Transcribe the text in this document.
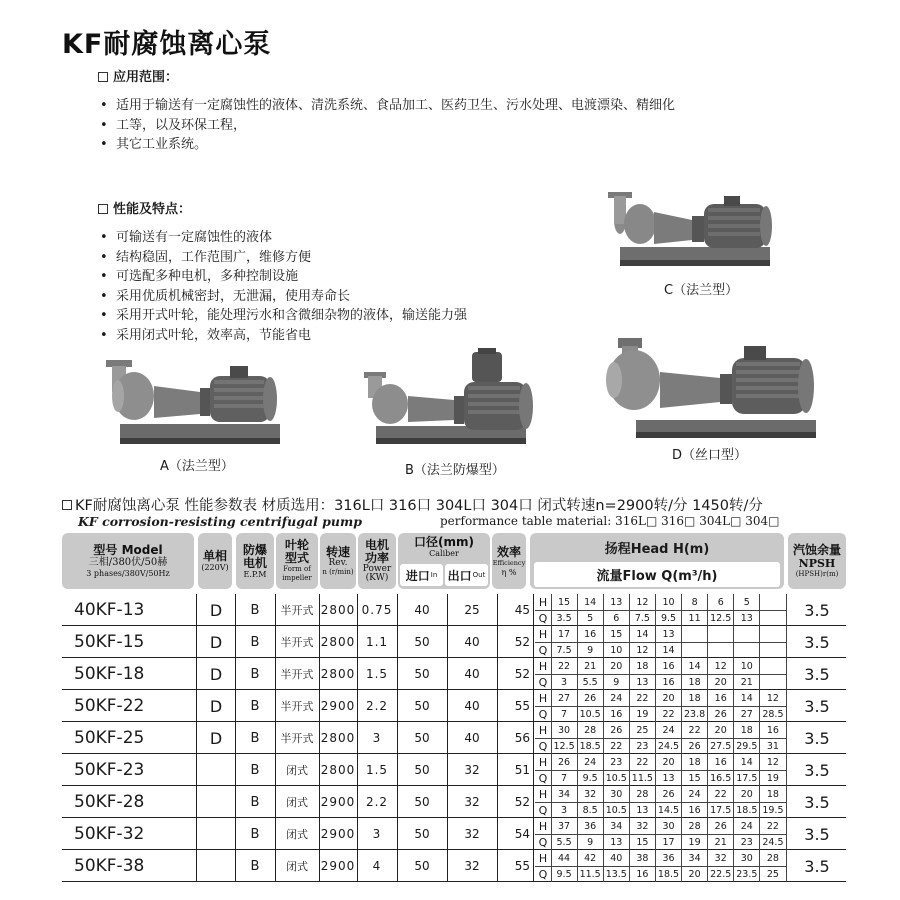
KF耐腐蚀离心泵
应用范围：
• 适用于输送有一定腐蚀性的液体、清洗系统、食品加工、医药卫生、污水处理、电渡漂染、精细化
• 工等，以及环保工程，
• 其它工业系统。
性能及特点：
• 可输送有一定腐蚀性的液体
• 结构稳固，工作范围广，维修方便
• 可选配多种电机，多种控制设施
• 采用优质机械密封，无泄漏，使用寿命长
• 采用开式叶轮，能处理污水和含微细杂物的液体，输送能力强
• 采用闭式叶轮，效率高，节能省电
C（法兰型）
A（法兰型）	B（法兰防爆型）
D（丝口型）
KF耐腐蚀离心泵 性能参数表 材质选用：316L口 316口 304L口 304口 闭式转速n=2900转/分 1450转/分
KF corrosion-resisting centrifugal pump	performance table material: 316L□ 316□ 304L□ 304□
型号 Model
三相/380伏/50赫
3 phases/380V/50Hz
单相
(220V)
防爆电机
E.P.M
叶轮型式
Form of impeller
转速
Rev.
n (r/min)
电机功率
Power
(KW)
口径(mm)
Caliber
进口 In 出口 Out
效率
Efficiency
η %
扬程Head H(m)
流量Flow Q(m³/h)
汽蚀余量
NPSH
(HPSH)r(m)
40KF-13	D	B	半开式 2800 0.75	40	25	45	3.5
H	15	14	13	12	10	8	6	5
Q 3.5	5	6	7.5	9.5	11 12.5 13
50KF-15	D	B	半开式 2800 1.1	50	40	52	3.5
H	17	16	15	14	13
Q 7.5	9	10	12	14
50KF-18	D	B	半开式 2800 1.5	50	40	52	3.5
H	22	21	20	18	16	14	12	10
Q	3	5.5	9	13	16	18	20	21
50KF-22	D	B	半开式 2900 2.2	50	40	55	3.5
H	27	26	24	22	20	18	16	14	12
Q	7	10.5 16	19	22 23.8 26	27 28.5
50KF-25	D	B	半开式 2800	3	50	40	56	3.5
H	30	28	26	25	24	22	20	18	16
Q 12.5 18.5 22	23 24.5 26 27.5 29.5 31
50KF-23	B	闭式	2800 1.5	50	32	51	3.5
H	26	24	23	22	20	18	16	14	12
Q	7	9.5 10.5 11.5 13	15 16.5 17.5 19
50KF-28	B	闭式	2900 2.2	50	32	52	3.5
H	34	32	30	28	26	24	22	20	18
Q	3	8.5 10.5 13 14.5 16 17.5 18.5 19.5
50KF-32	B	闭式	2900	3	50	32	54	3.5
H	37	36	34	32	30	28	26	24	22
Q 5.5	9	13	15	17	19	21	23 24.5
50KF-38	B	闭式	2900	4	50	32	55	3.5
H	44	42	40	38	36	34	32	30	28
Q 9.5 11.5 13.5 16 18.5 20 22.5 23.5 25
